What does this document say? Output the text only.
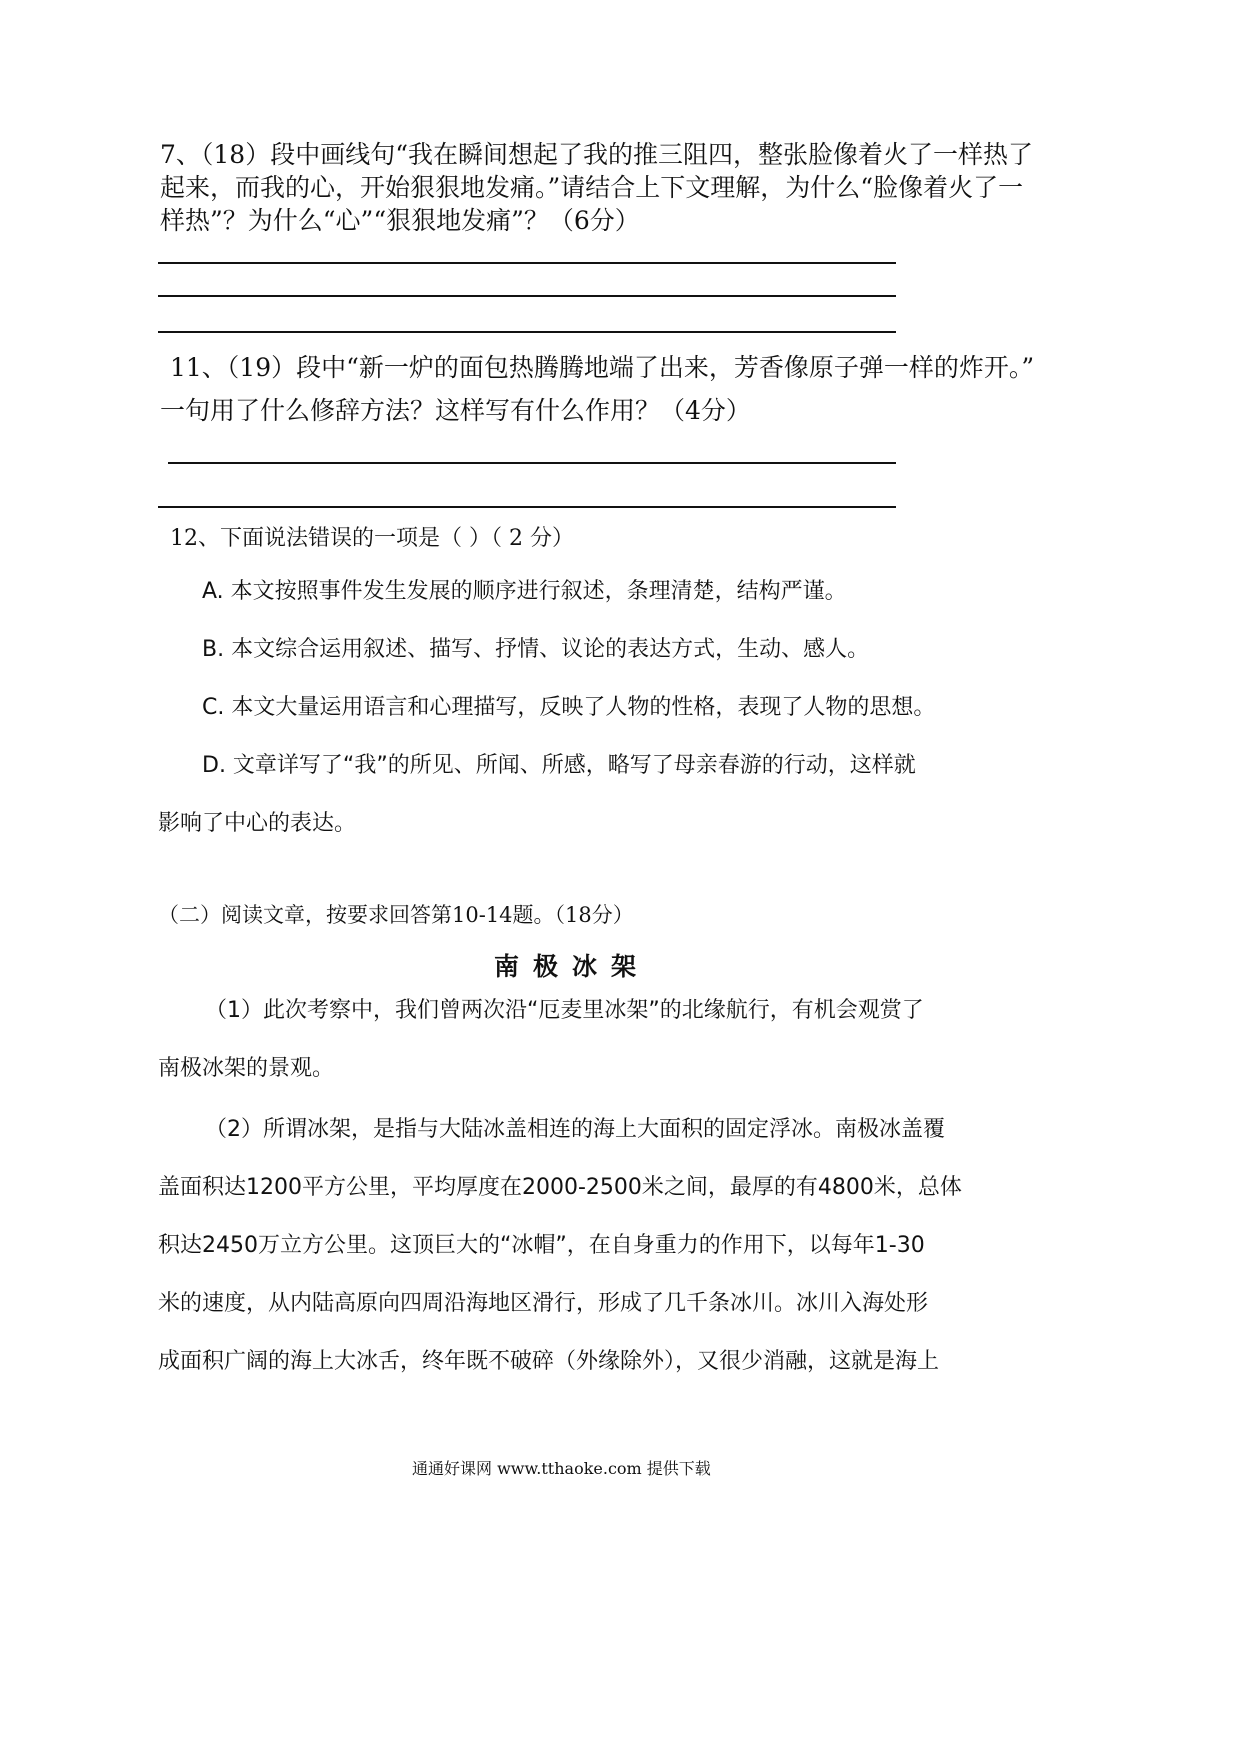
7、（18）段中画线句“我在瞬间想起了我的推三阻四，整张脸像着火了一样热了
起来，而我的心，开始狠狠地发痛。”请结合上下文理解，为什么“脸像着火了一
样热”？为什么“心”“狠狠地发痛”？（6分）
11、（19）段中“新一炉的面包热腾腾地端了出来，芳香像原子弹一样的炸开。”
一句用了什么修辞方法？这样写有什么作用？（4分）
12、下面说法错误的一项是（ ）（ 2 分）
A. 本文按照事件发生发展的顺序进行叙述，条理清楚，结构严谨。
B. 本文综合运用叙述、描写、抒情、议论的表达方式，生动、感人。
C. 本文大量运用语言和心理描写，反映了人物的性格，表现了人物的思想。
D. 文章详写了“我”的所见、所闻、所感，略写了母亲春游的行动，这样就
影响了中心的表达。
（二）阅读文章，按要求回答第10-14题。（18分）
南极冰架
（1）此次考察中，我们曾两次沿“厄麦里冰架”的北缘航行，有机会观赏了
南极冰架的景观。
（2）所谓冰架，是指与大陆冰盖相连的海上大面积的固定浮冰。南极冰盖覆
盖面积达1200平方公里，平均厚度在2000-2500米之间，最厚的有4800米，总体
积达2450万立方公里。这顶巨大的“冰帽”，在自身重力的作用下，以每年1-30
米的速度，从内陆高原向四周沿海地区滑行，形成了几千条冰川。冰川入海处形
成面积广阔的海上大冰舌，终年既不破碎（外缘除外），又很少消融，这就是海上
通通好课网 www.tthaoke.com 提供下载
